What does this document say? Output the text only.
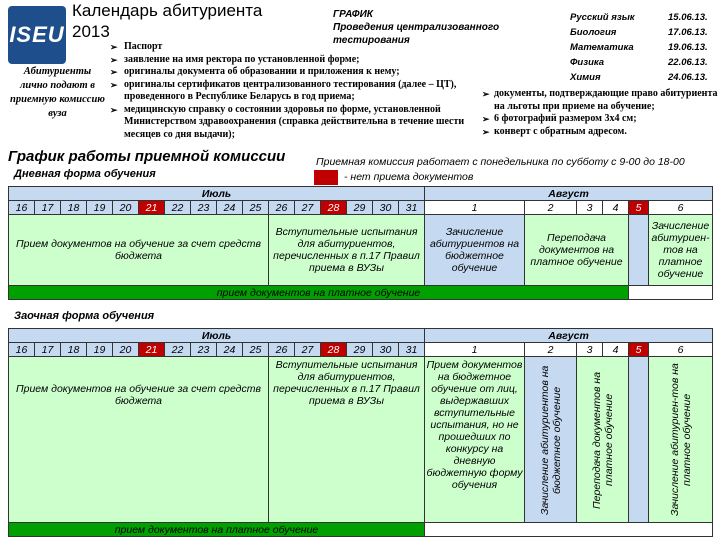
ISEU
Календарь абитуриента 2013
ГРАФИК
Проведения централизованного тестирования
Русский язык	15.06.13.
Биология	17.06.13.
Математика	19.06.13.
Физика	22.06.13.
Химия	24.06.13.
Абитуриенты лично подают в приемную комиссию вуза
➢ Паспорт
➢ заявление на имя ректора по установленной форме;
➢ оригиналы документа об образовании и приложения к нему;
➢ оригиналы сертификатов централизованного тестирования (далее – ЦТ), проведенного в Республике Беларусь в год приема;
➢ медицинскую справку о состоянии здоровья по форме, установленной Министерством здравоохранения (справка действительна в течение шести месяцев со дня выдачи);
➢ документы, подтверждающие право абитуриента на льготы при приеме на обучение;
➢ 6 фотографий размером 3х4 см;
➢ конверт с обратным адресом.
График работы приемной комиссии	Приемная комиссия работает с понедельника по субботу с 9-00 до 18-00
- нет приема документов
Дневная форма обучения
Июль																Август					
16	17	18	19	20	21	22	23	24	25	26	27	28	29	30	31	1	2	3	4	5	6
Прием документов на обучение за счет средств бюджета										Вступительные испытания для абитуриентов, перечисленных в п.17 Правил приема в ВУЗы						Зачисление абитуриентов на бюджетное обучение	Переподача документов на платное обучение				Зачисление абитуриен-тов на платное обучение
прием документов на платное обучение																					
Заочная форма обучения
Июль																Август					
16	17	18	19	20	21	22	23	24	25	26	27	28	29	30	31	1	2	3	4	5	6
Прием документов на обучение за счет средств бюджета										Вступительные испытания для абитуриентов, перечисленных в п.17 Правил приема в ВУЗы						Прием документов на бюджетное обучение от лиц, выдержавших вступительные испытания, но не прошедших по конкурсу на дневную бюджетную форму обучения	Зачисление абитуриентов на бюджетное обучение	Переподача документов на платное обучение			Зачисление абитуриен-тов на платное обучение

прием документов на платное обучение																					
